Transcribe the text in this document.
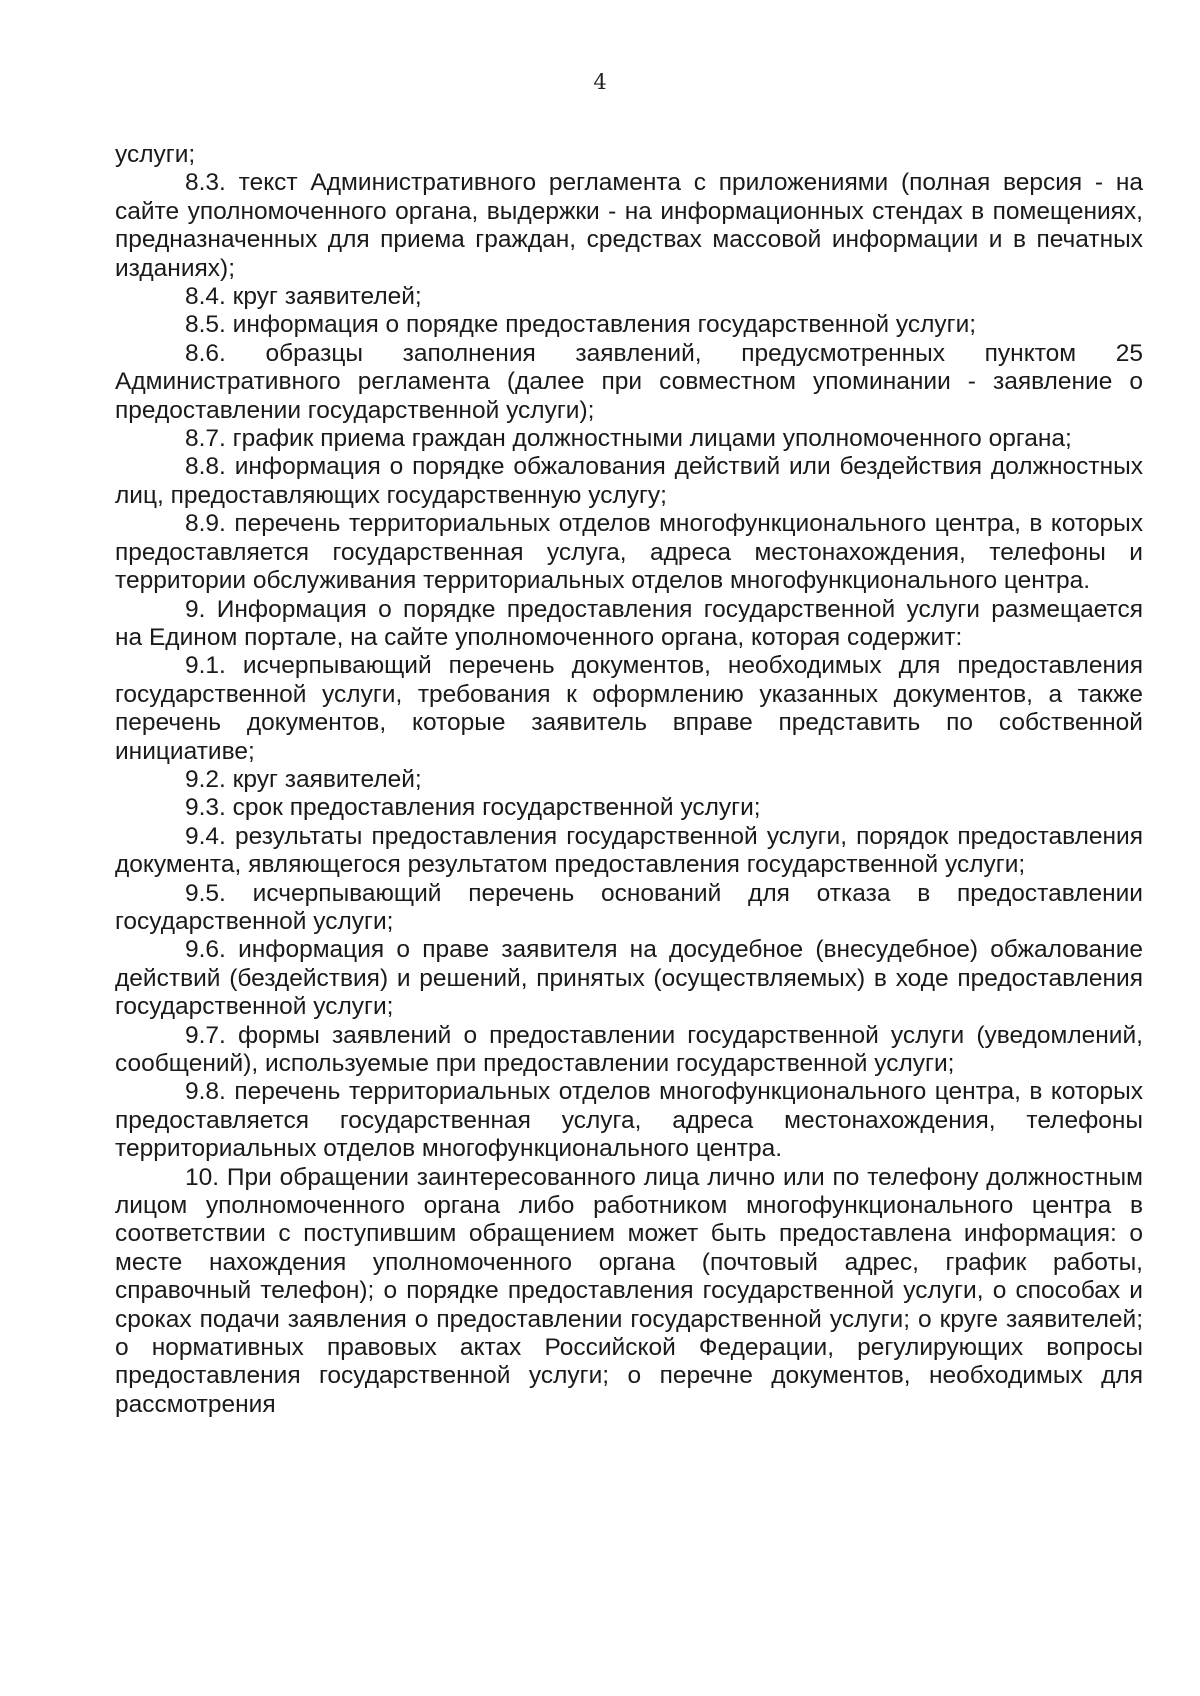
4

услуги;

8.3. текст Административного регламента с приложениями (полная версия - на сайте уполномоченного органа, выдержки - на информационных стендах в помещениях, предназначенных для приема граждан, средствах массовой информации и в печатных изданиях);

8.4. круг заявителей;

8.5. информация о порядке предоставления государственной услуги;

8.6. образцы заполнения заявлений, предусмотренных пунктом 25 Административного регламента (далее при совместном упоминании - заявление о предоставлении государственной услуги);

8.7. график приема граждан должностными лицами уполномоченного органа;

8.8. информация о порядке обжалования действий или бездействия должностных лиц, предоставляющих государственную услугу;

8.9. перечень территориальных отделов многофункционального центра, в которых предоставляется государственная услуга, адреса местонахождения, телефоны и территории обслуживания территориальных отделов многофункционального центра.

9. Информация о порядке предоставления государственной услуги размещается на Едином портале, на сайте уполномоченного органа, которая содержит:

9.1. исчерпывающий перечень документов, необходимых для предоставления государственной услуги, требования к оформлению указанных документов, а также перечень документов, которые заявитель вправе представить по собственной инициативе;

9.2. круг заявителей;

9.3. срок предоставления государственной услуги;

9.4. результаты предоставления государственной услуги, порядок предоставления документа, являющегося результатом предоставления государственной услуги;

9.5. исчерпывающий перечень оснований для отказа в предоставлении государственной услуги;

9.6. информация о праве заявителя на досудебное (внесудебное) обжалование действий (бездействия) и решений, принятых (осуществляемых) в ходе предоставления государственной услуги;

9.7. формы заявлений о предоставлении государственной услуги (уведомлений, сообщений), используемые при предоставлении государственной услуги;

9.8. перечень территориальных отделов многофункционального центра, в которых предоставляется государственная услуга, адреса местонахождения, телефоны территориальных отделов многофункционального центра.

10. При обращении заинтересованного лица лично или по телефону должностным лицом уполномоченного органа либо работником многофункционального центра в соответствии с поступившим обращением может быть предоставлена информация: о месте нахождения уполномоченного органа (почтовый адрес, график работы, справочный телефон); о порядке предоставления государственной услуги, о способах и сроках подачи заявления о предоставлении государственной услуги; о круге заявителей; о нормативных правовых актах Российской Федерации, регулирующих вопросы предоставления государственной услуги; о перечне документов, необходимых для рассмотрения
